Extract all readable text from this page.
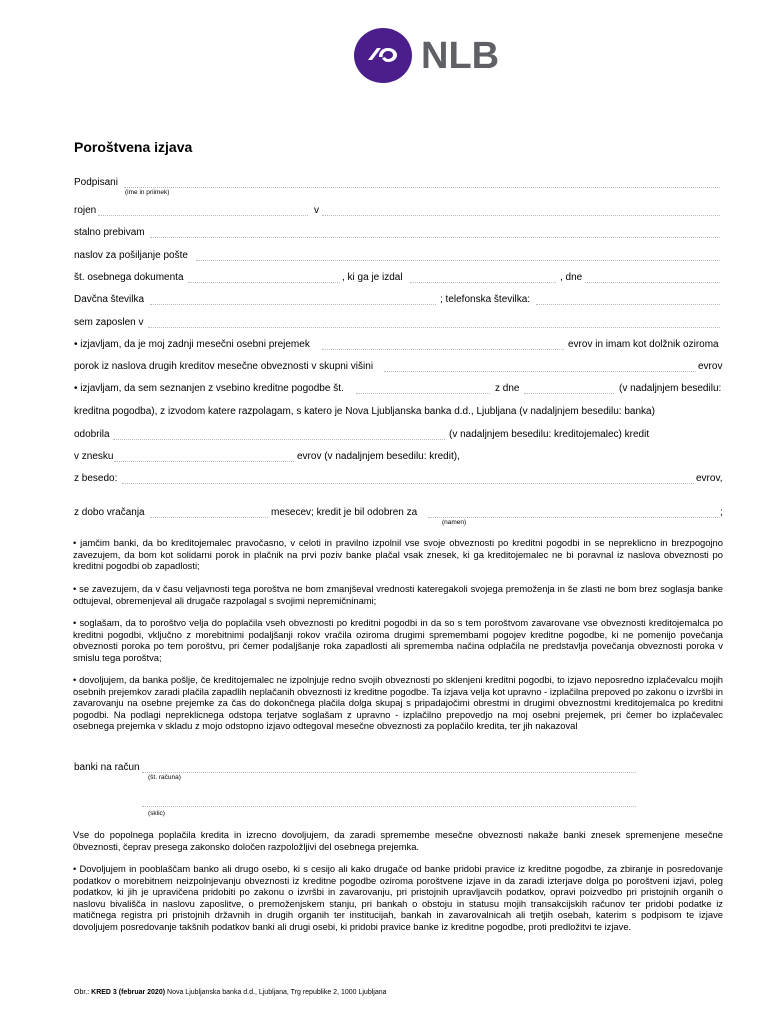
NLB
Poroštvena izjava
Podpisani
(ime in priimek)
rojen	v
stalno prebivam
naslov za pošiljanje pošte
št. osebnega dokumenta	, ki ga je izdal	, dne
Davčna številka	; telefonska številka:
sem zaposlen v
• izjavljam, da je moj zadnji mesečni osebni prejemek	evrov in imam kot dolžnik oziroma
porok iz naslova drugih kreditov mesečne obveznosti v skupni višini	evrov
• izjavljam, da sem seznanjen z vsebino kreditne pogodbe št.	z dne	(v nadaljnjem besedilu:
kreditna pogodba), z izvodom katere razpolagam, s katero je Nova Ljubljanska banka d.d., Ljubljana (v nadaljnjem besedilu: banka)
odobrila	(v nadaljnjem besedilu: kreditojemalec) kredit
v znesku	evrov (v nadaljnjem besedilu: kredit),
z besedo:	evrov,
z dobo vračanja	mesecev; kredit je bil odobren za	;
(namen)
• jamčim banki, da bo kreditojemalec pravočasno, v celoti in pravilno izpolnil vse svoje obveznosti po kreditni pogodbi in se nepreklicno in brezpogojno zavezujem, da bom kot solidarni porok in plačnik na prvi poziv banke plačal vsak znesek, ki ga kreditojemalec ne bi poravnal iz naslova obveznosti po kreditni pogodbi ob zapadlosti;
• se zavezujem, da v času veljavnosti tega poroštva ne bom zmanjševal vrednosti kateregakoli svojega premoženja in še zlasti ne bom brez soglasja banke odtujeval, obremenjeval ali drugače razpolagal s svojimi nepremičninami;
• soglašam, da to poroštvo velja do poplačila vseh obveznosti po kreditni pogodbi in da so s tem poroštvom zavarovane vse obveznosti kreditojemalca po kreditni pogodbi, vključno z morebitnimi podaljšanji rokov vračila oziroma drugimi spremembami pogojev kreditne pogodbe, ki ne pomenijo povečanja obveznosti poroka po tem poroštvu, pri čemer podaljšanje roka zapadlosti ali sprememba načina odplačila ne predstavlja povečanja obveznosti poroka v smislu tega poroštva;
• dovoljujem, da banka pošlje, če kreditojemalec ne izpolnjuje redno svojih obveznosti po sklenjeni kreditni pogodbi, to izjavo neposredno izplačevalcu mojih osebnih prejemkov zaradi plačila zapadlih neplačanih obveznosti iz kreditne pogodbe. Ta izjava velja kot upravno - izplačilna prepoved po zakonu o izvršbi in zavarovanju na osebne prejemke za čas do dokončnega plačila dolga skupaj s pripadajočimi obrestmi in drugimi obveznostmi kreditojemalca po kreditni pogodbi. Na podlagi nepreklicnega odstopa terjatve soglašam z upravno - izplačilno prepovedjo na moj osebni prejemek, pri čemer bo izplačevalec osebnega prejemka v skladu z mojo odstopno izjavo odtegoval mesečne obveznosti za poplačilo kredita, ter jih nakazoval
banki na račun
(št. računa)
(sklic)
Vse do popolnega poplačila kredita in izrecno dovoljujem, da zaradi spremembe mesečne obveznosti nakaže banki znesek spremenjene mesečne 0bveznosti, čeprav presega zakonsko določen razpoložljivi del osebnega prejemka.
• Dovoljujem in pooblaščam banko ali drugo osebo, ki s cesijo ali kako drugače od banke pridobi pravice iz kreditne pogodbe, za zbiranje in posredovanje podatkov o morebitnem neizpolnjevanju obveznosti iz kreditne pogodbe oziroma poroštvene izjave in da zaradi izterjave dolga po poroštveni izjavi, poleg podatkov, ki jih je upravičena pridobiti po zakonu o izvršbi in zavarovanju, pri pristojnih upravljavcih podatkov, opravi poizvedbo pri pristojnih organih o naslovu bivališča in naslovu zaposlitve, o premoženjskem stanju, pri bankah o obstoju in statusu mojih transakcijskih računov ter pridobi podatke iz matičnega registra pri pristojnih državnih in drugih organih ter institucijah, bankah in zavarovalnicah ali tretjih osebah, katerim s podpisom te izjave dovoljujem posredovanje takšnih podatkov banki ali drugi osebi, ki pridobi pravice banke iz kreditne pogodbe, proti predložitvi te izjave.
Obr.: KRED 3 (februar 2020) Nova Ljubljanska banka d.d., Ljubljana, Trg republike 2, 1000 Ljubljana
